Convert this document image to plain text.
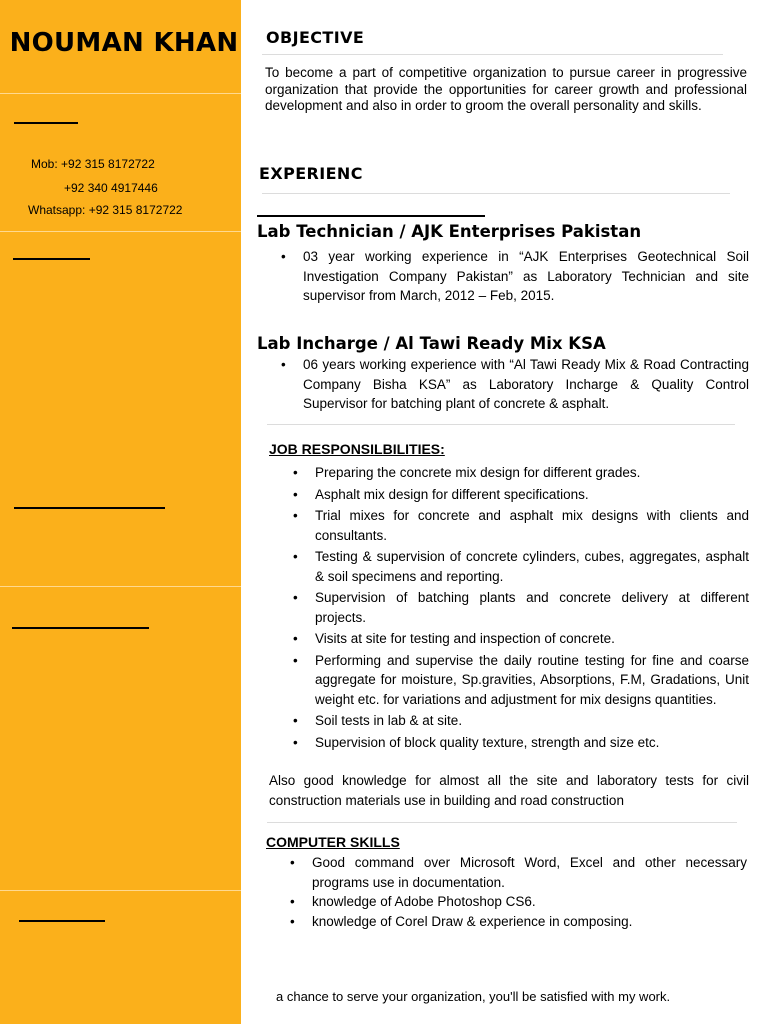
NOUMAN KHAN
Mob: +92 315 8172722
+92 340 4917446
Whatsapp: +92 315 8172722
OBJECTIVE
To become a part of competitive organization to pursue career in progressive organization that provide the opportunities for career growth and professional development and also in order to groom the overall personality and skills.
EXPERIENC
Lab Technician / AJK Enterprises Pakistan
• 03 year working experience in “AJK Enterprises Geotechnical Soil Investigation Company Pakistan” as Laboratory Technician and site supervisor from March, 2012 – Feb, 2015.
Lab Incharge / Al Tawi Ready Mix KSA
• 06 years working experience with “Al Tawi Ready Mix & Road Contracting Company Bisha KSA” as Laboratory Incharge & Quality Control Supervisor for batching plant of concrete & asphalt.
JOB RESPONSILBILITIES:
• Preparing the concrete mix design for different grades.
• Asphalt mix design for different specifications.
• Trial mixes for concrete and asphalt mix designs with clients and consultants.
• Testing & supervision of concrete cylinders, cubes, aggregates, asphalt & soil specimens and reporting.
• Supervision of batching plants and concrete delivery at different projects.
• Visits at site for testing and inspection of concrete.
• Performing and supervise the daily routine testing for fine and coarse aggregate for moisture, Sp.gravities, Absorptions, F.M, Gradations, Unit weight etc. for variations and adjustment for mix designs quantities.
• Soil tests in lab & at site.
• Supervision of block quality texture, strength and size etc.
Also good knowledge for almost all the site and laboratory tests for civil construction materials use in building and road construction
COMPUTER SKILLS
• Good command over Microsoft Word, Excel and other necessary programs use in documentation.
• knowledge of Adobe Photoshop CS6.
• knowledge of Corel Draw & experience in composing.
a chance to serve your organization, you'll be satisfied with my work.
